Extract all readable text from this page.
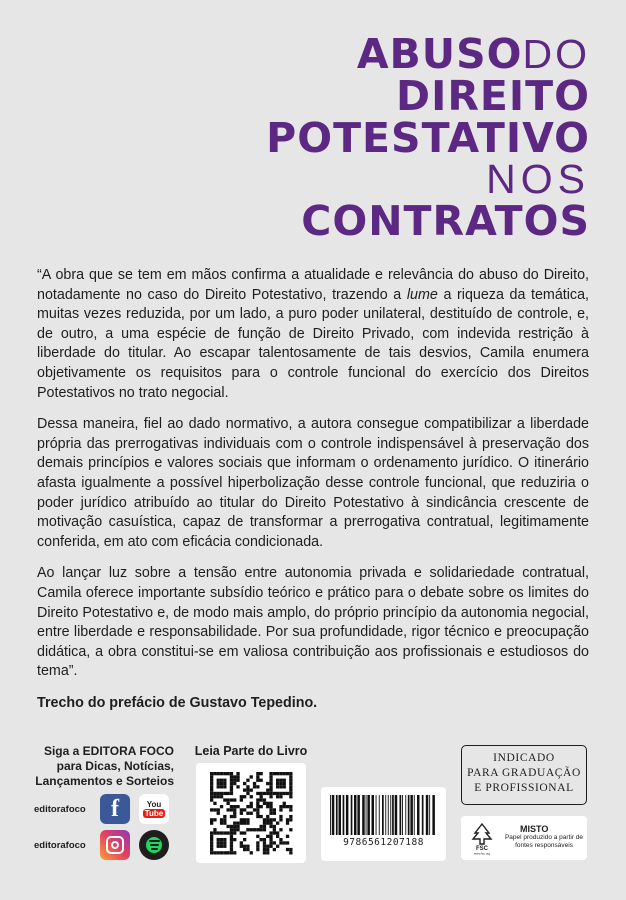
ABUSODO
DIREITO
POTESTATIVO
NOS
CONTRATOS

“A obra que se tem em mãos confirma a atualidade e relevância do abuso do Direito, notadamente no caso do Direito Potestativo, trazendo a lume a riqueza da temática, muitas vezes reduzida, por um lado, a puro poder unilateral, destituído de controle, e, de outro, a uma espécie de função de Direito Privado, com indevida restrição à liberdade do titular. Ao escapar talentosamente de tais desvios, Camila enumera objetivamente os requisitos para o controle funcional do exercício dos Direitos Potestativos no trato negocial.

Dessa maneira, fiel ao dado normativo, a autora consegue compatibilizar a liberdade própria das prerrogativas individuais com o controle indispensável à preservação dos demais princípios e valores sociais que informam o ordenamento jurídico. O itinerário afasta igualmente a possível hiperbolização desse controle funcional, que reduziria o poder jurídico atribuído ao titular do Direito Potestativo à sindicância crescente de motivação casuística, capaz de transformar a prerrogativa contratual, legitimamente conferida, em ato com eficácia condicionada.

Ao lançar luz sobre a tensão entre autonomia privada e solidariedade contratual, Camila oferece importante subsídio teórico e prático para o debate sobre os limites do Direito Potestativo e, de modo mais amplo, do próprio princípio da autonomia negocial, entre liberdade e responsabilidade. Por sua profundidade, rigor técnico e preocupação didática, a obra constitui-se em valiosa contribuição aos profissionais e estudiosos do tema”.

Trecho do prefácio de Gustavo Tepedino.
Siga a EDITORA FOCO para Dicas, Notícias, Lançamentos e Sorteios
editorafoco	f	You
Tube
editorafoco
Leia Parte do Livro
9786561207188
INDICADO
PARA GRADUAÇÃO
E PROFISSIONAL
FSC
www.fsc.org
MISTO
Papel produzido a partir de fontes responsáveis
